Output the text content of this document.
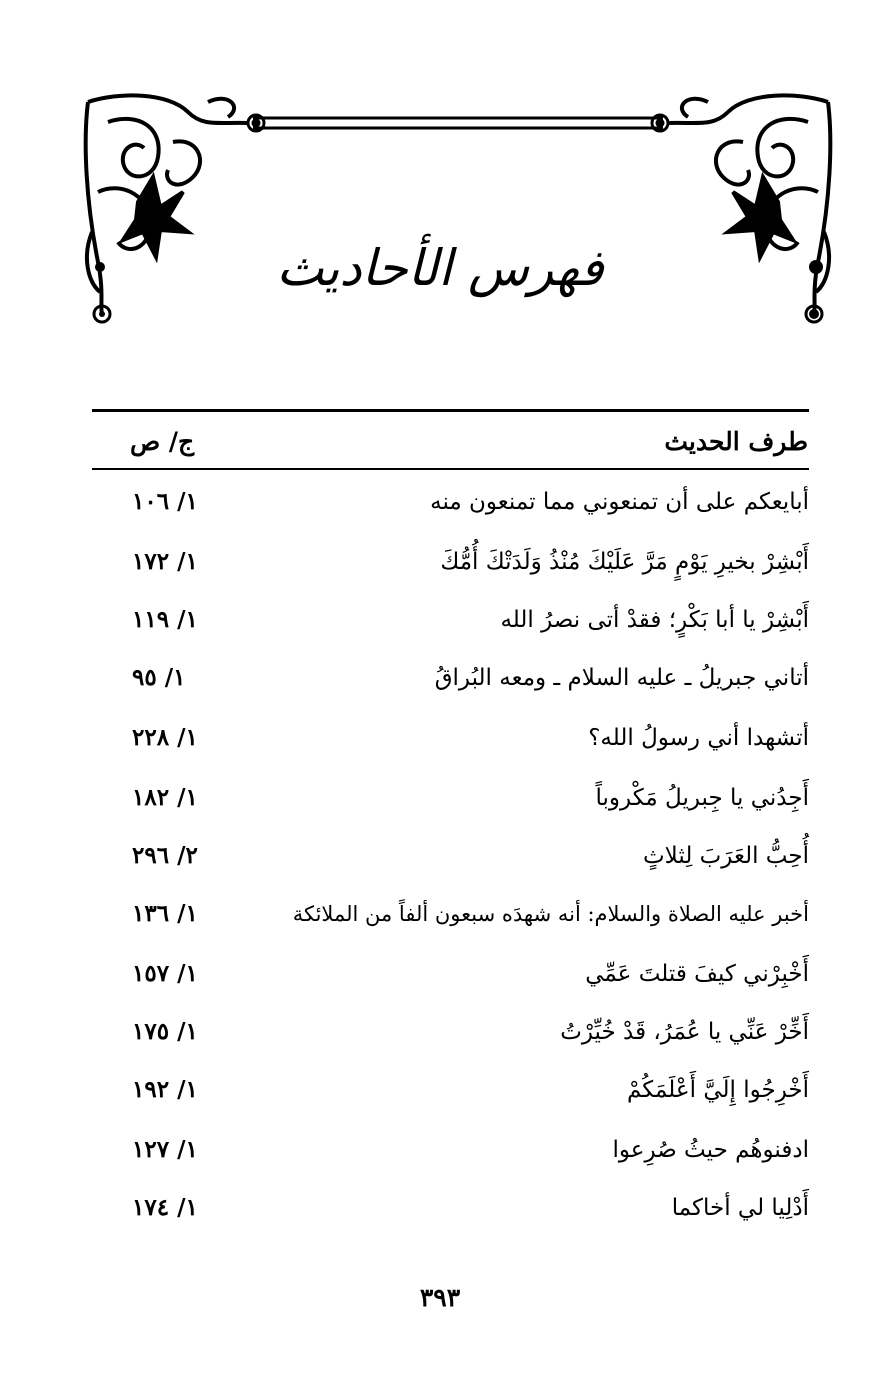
فهرس الأحاديث
طرف الحديث
ج/ ص
أبايعكم على أن تمنعوني مما تمنعون منه
١/ ١٠٦
أَبْشِرْ بخيرِ يَوْمٍ مَرَّ عَلَيْكَ مُنْذُ وَلَدَتْكَ أُمُّكَ
١/ ١٧٢
أَبْشِرْ يا أبا بَكْرٍ؛ فقدْ أتى نصرُ الله
١/ ١١٩
أتاني جبريلُ ـ عليه السلام ـ ومعه البُراقُ
١/ ٩٥
أتشهدا أني رسولُ الله؟
١/ ٢٢٨
أَجِدُني يا جِبريلُ مَكْروباً
١/ ١٨٢
أُحِبُّ العَرَبَ لِثلاثٍ
٢/ ٢٩٦
أخبر عليه الصلاة والسلام: أنه شهدَه سبعون ألفاً من الملائكة
١/ ١٣٦
أَخْبِرْني كيفَ قتلتَ عَمِّي
١/ ١٥٧
أَخِّرْ عَنِّي يا عُمَرُ، قَدْ خُيِّرْتُ
١/ ١٧٥
أَخْرِجُوا إِلَيَّ أَعْلَمَكُمْ
١/ ١٩٢
ادفنوهُم حيثُ صُرِعوا
١/ ١٢٧
أَدْلِيا لي أخاكما
١/ ١٧٤
٣٩٣
